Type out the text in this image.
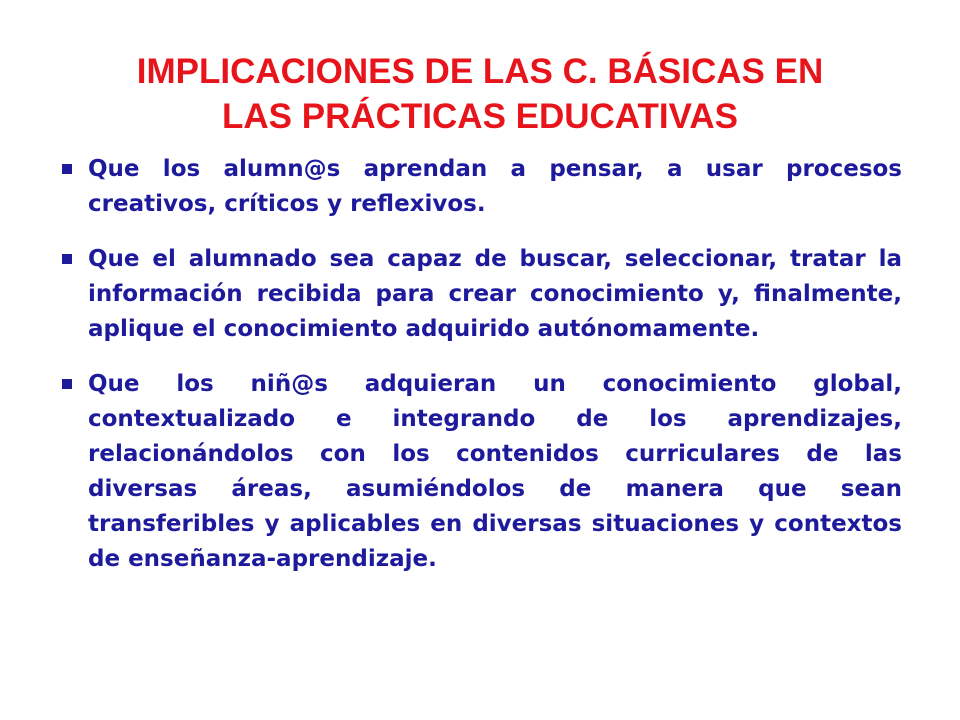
IMPLICACIONES DE LAS C. BÁSICAS EN
LAS PRÁCTICAS EDUCATIVAS
Que los alumn@s aprendan a pensar, a usar procesos creativos, críticos y reflexivos.
Que el alumnado sea capaz de buscar, seleccionar, tratar la información recibida para crear conocimiento y, finalmente, aplique el conocimiento adquirido autónomamente.
Que los niñ@s adquieran un conocimiento global, contextualizado e integrando de los aprendizajes, relacionándolos con los contenidos curriculares de las diversas áreas, asumiéndolos de manera que sean transferibles y aplicables en diversas situaciones y contextos de enseñanza-aprendizaje.
